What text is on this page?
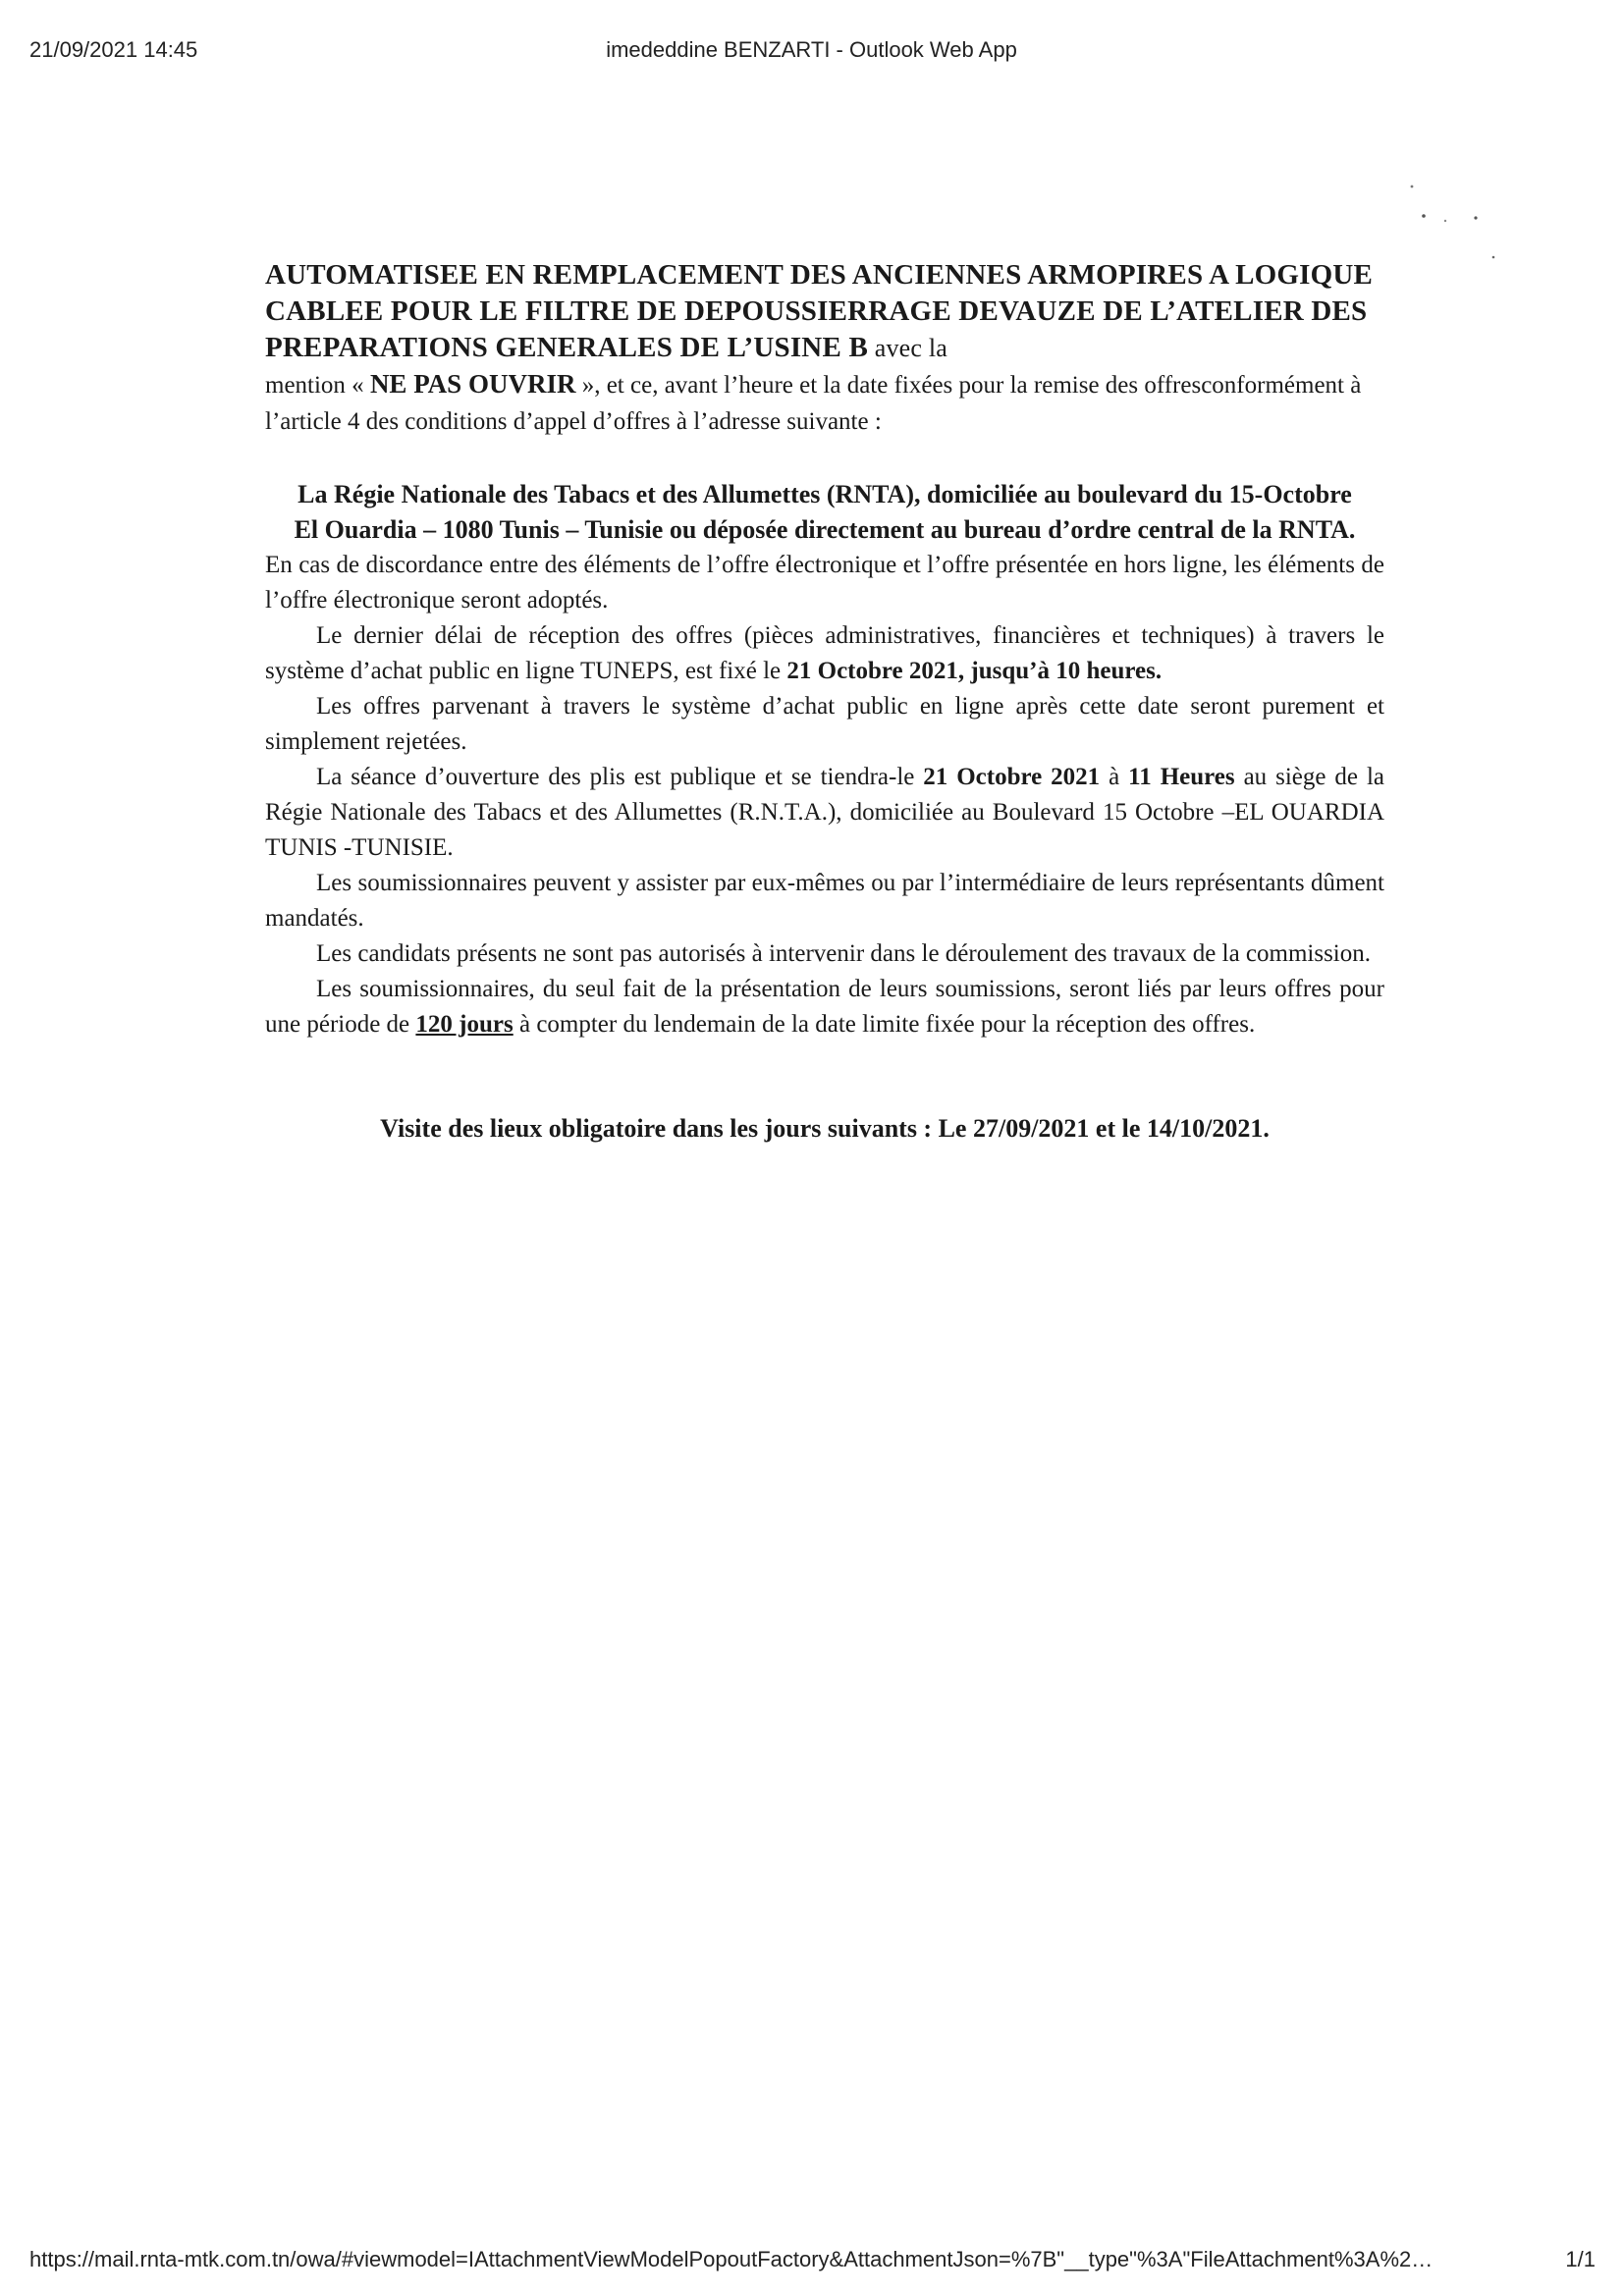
21/09/2021 14:45	imededdine BENZARTI - Outlook Web App
AUTOMATISEE EN REMPLACEMENT DES ANCIENNES ARMOPIRES A LOGIQUE CABLEE POUR LE FILTRE DE DEPOUSSIERRAGE DEVAUZE DE L’ATELIER DES PREPARATIONS GENERALES DE L’USINE B avec la
mention « NE PAS OUVRIR », et ce, avant l’heure et la date fixées pour la remise des offresconformément à l’article 4 des conditions d’appel d’offres à l’adresse suivante :
La Régie Nationale des Tabacs et des Allumettes (RNTA), domiciliée au boulevard du 15-Octobre El Ouardia – 1080 Tunis – Tunisie ou déposée directement au bureau d’ordre central de la RNTA.

En cas de discordance entre des éléments de l’offre électronique et l’offre présentée en hors ligne, les éléments de l’offre électronique seront adoptés.

Le dernier délai de réception des offres (pièces administratives, financières et techniques) à travers le système d’achat public en ligne TUNEPS, est fixé le 21 Octobre 2021, jusqu’à 10 heures.

Les offres parvenant à travers le système d’achat public en ligne après cette date seront purement et simplement rejetées.

La séance d’ouverture des plis est publique et se tiendra-le 21 Octobre 2021 à 11 Heures au siège de la Régie Nationale des Tabacs et des Allumettes (R.N.T.A.), domiciliée au Boulevard 15 Octobre –EL OUARDIA TUNIS -TUNISIE.

Les soumissionnaires peuvent y assister par eux-mêmes ou par l’intermédiaire de leurs représentants dûment mandatés.

Les candidats présents ne sont pas autorisés à intervenir dans le déroulement des travaux de la commission.

Les soumissionnaires, du seul fait de la présentation de leurs soumissions, seront liés par leurs offres pour une période de 120 jours à compter du lendemain de la date limite fixée pour la réception des offres.

Visite des lieux obligatoire dans les jours suivants : Le 27/09/2021 et le 14/10/2021.
https://mail.rnta-mtk.com.tn/owa/#viewmodel=IAttachmentViewModelPopoutFactory&AttachmentJson=%7B"__type"%3A"FileAttachment%3A%2…	1/1
